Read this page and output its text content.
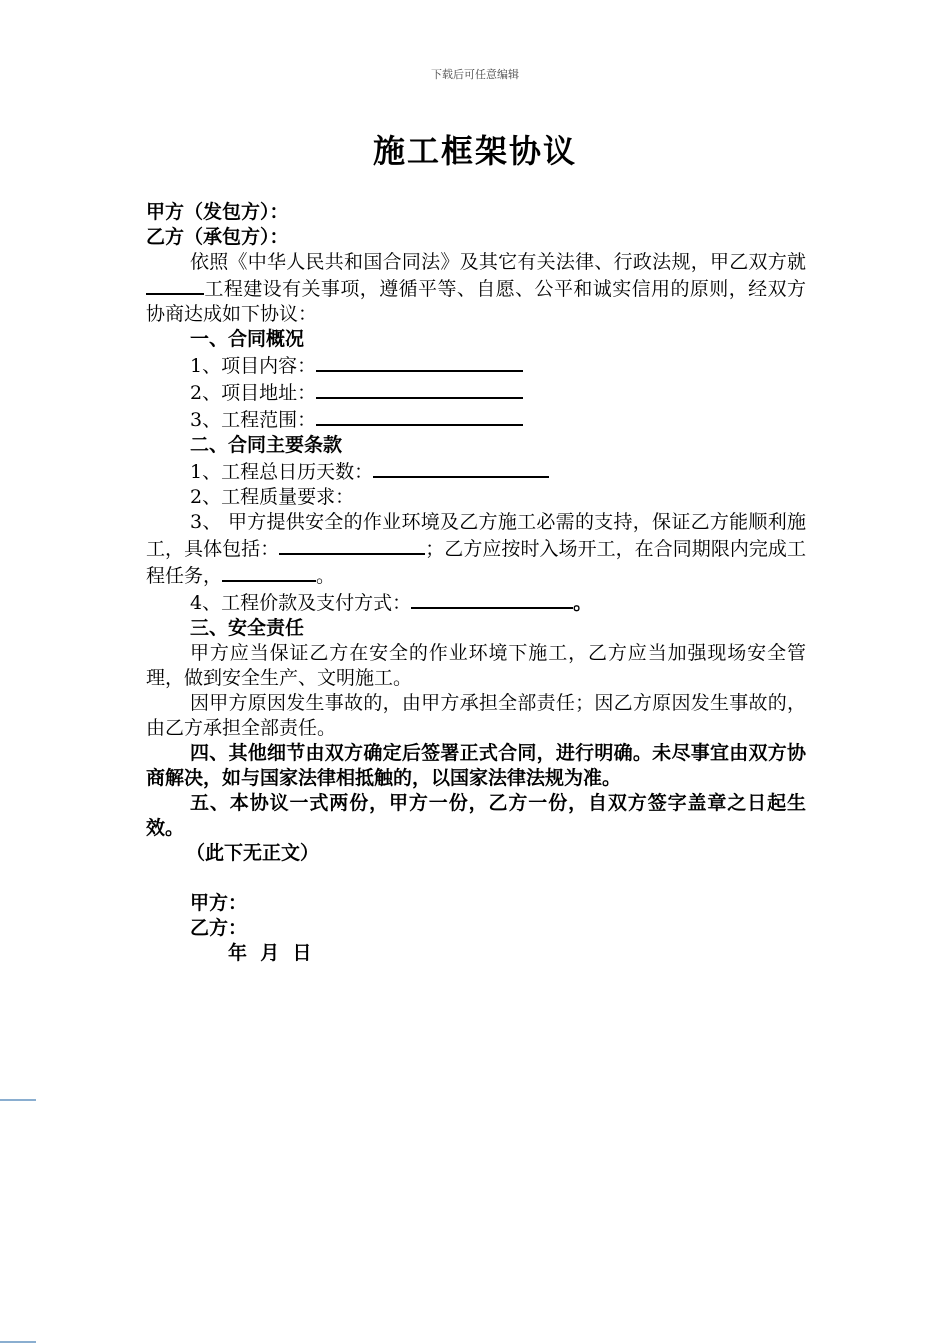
下载后可任意编辑
施工框架协议
甲方（发包方）：
乙方（承包方）：
依照《中华人民共和国合同法》及其它有关法律、行政法规，甲乙双方就工程建设有关事项，遵循平等、自愿、公平和诚实信用的原则，经双方协商达成如下协议：
一、合同概况
1、项目内容：
2、项目地址：
3、工程范围：
二、合同主要条款
1、工程总日历天数：
2、工程质量要求：
3、 甲方提供安全的作业环境及乙方施工必需的支持，保证乙方能顺利施工，具体包括：	；乙方应按时入场开工，在合同期限内完成工程任务，	。
4、工程价款及支付方式：	。
三、安全责任
甲方应当保证乙方在安全的作业环境下施工，乙方应当加强现场安全管理，做到安全生产、文明施工。
因甲方原因发生事故的，由甲方承担全部责任；因乙方原因发生事故的，由乙方承担全部责任。
四、其他细节由双方确定后签署正式合同，进行明确。未尽事宜由双方协商解决，如与国家法律相抵触的，以国家法律法规为准。
五、本协议一式两份，甲方一份，乙方一份，自双方签字盖章之日起生效。
（此下无正文）
甲方：
乙方：
年  月  日
